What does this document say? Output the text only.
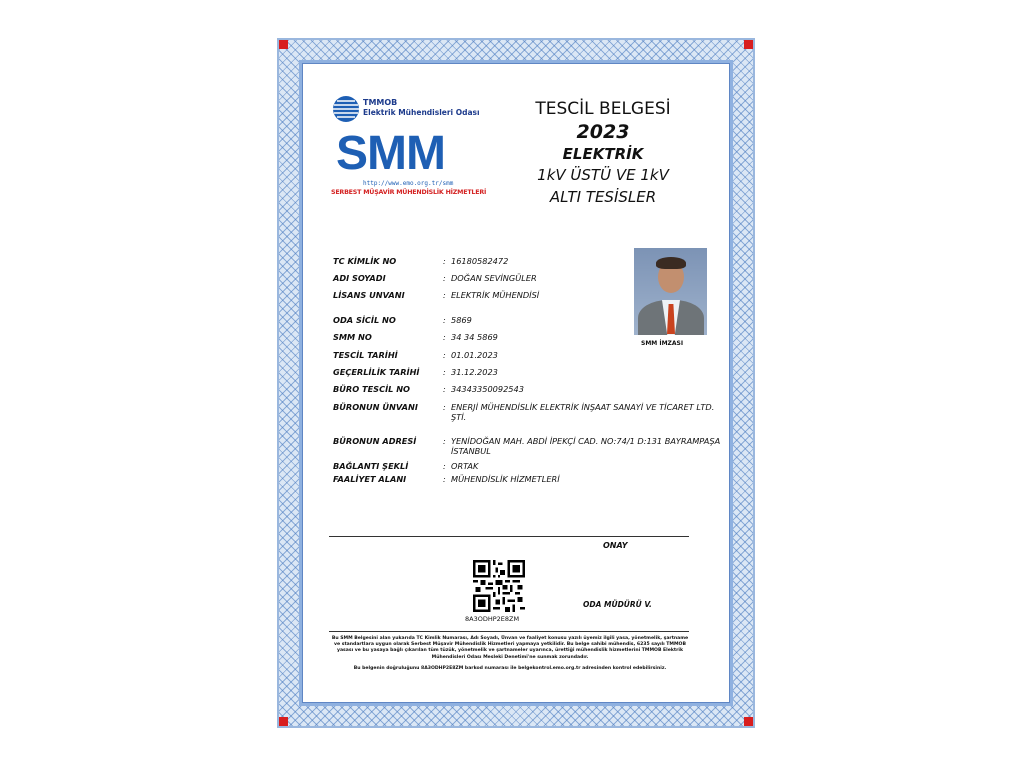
TMMOB
Elektrik Mühendisleri Odası
SMM
http://www.emo.org.tr/smm
SERBEST MÜŞAVİR MÜHENDİSLİK HİZMETLERİ
TESCİL BELGESİ
2023
ELEKTRİK
1kV ÜSTÜ VE 1kV
ALTI TESİSLER
TC KİMLİK NO	: 16180582472
ADI SOYADI	: DOĞAN SEVİNGÜLER
LİSANS UNVANI	: ELEKTRİK MÜHENDİSİ
ODA SİCİL NO	: 5869
SMM NO	: 34 34 5869
TESCİL TARİHİ	: 01.01.2023
GEÇERLİLİK TARİHİ	: 31.12.2023
BÜRO TESCİL NO	: 34343350092543
BÜRONUN ÜNVANI	: ENERJİ MÜHENDİSLİK ELEKTRİK İNŞAAT SANAYİ VE TİCARET LTD. ŞTİ.
BÜRONUN ADRESİ	: YENİDOĞAN MAH. ABDİ İPEKÇİ CAD. NO:74/1 D:131 BAYRAMPAŞA İSTANBUL
BAĞLANTI ŞEKLİ	: ORTAK
FAALİYET ALANI	: MÜHENDİSLİK HİZMETLERİ
SMM İMZASI
ONAY
8A3ODHP2E8ZM
ODA MÜDÜRÜ V.
Bu SMM Belgesini alan yukarıda TC Kimlik Numarası, Adı Soyadı, Ünvan ve faaliyet konusu yazılı üyemiz ilgili yasa, yönetmelik, şartname ve standartlara uygun olarak Serbest Müşavir Mühendislik Hizmetleri yapmaya yetkilidir. Bu belge sahibi mühendis, 6235 sayılı TMMOB yasası ve bu yasaya bağlı çıkarılan tüm tüzük, yönetmelik ve şartnameler uyarınca, ürettiği mühendislik hizmetlerini TMMOB Elektrik Mühendisleri Odası Mesleki Denetimi'ne sunmak zorundadır.
Bu belgenin doğruluğunu 8A3ODHP2E8ZM barkod numarası ile belgekontrol.emo.org.tr adresinden kontrol edebilirsiniz.
